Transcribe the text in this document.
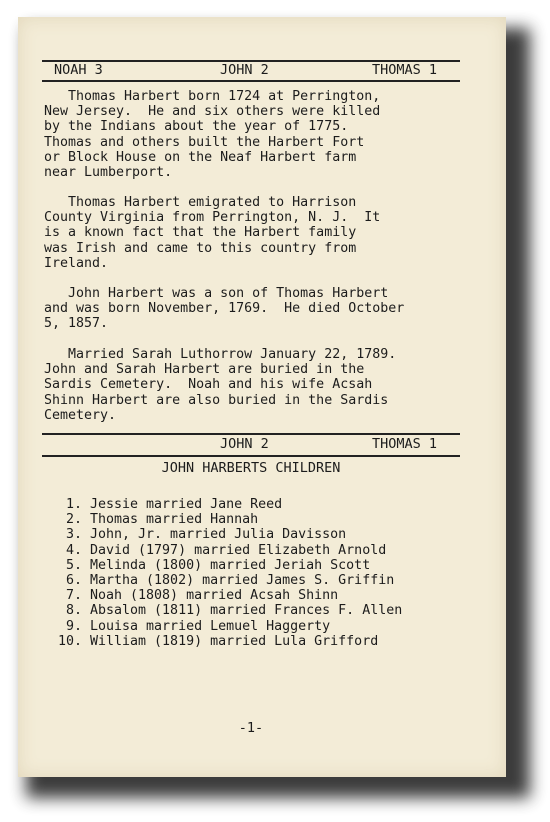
NOAH 3	JOHN 2	THOMAS 1
Thomas Harbert born 1724 at Perrington,
New Jersey.  He and six others were killed
by the Indians about the year of 1775.
Thomas and others built the Harbert Fort
or Block House on the Neaf Harbert farm
near Lumberport.
Thomas Harbert emigrated to Harrison
County Virginia from Perrington, N. J.  It
is a known fact that the Harbert family
was Irish and came to this country from
Ireland.
John Harbert was a son of Thomas Harbert
and was born November, 1769.  He died October
5, 1857.
Married Sarah Luthorrow January 22, 1789.
John and Sarah Harbert are buried in the
Sardis Cemetery.  Noah and his wife Acsah
Shinn Harbert are also buried in the Sardis
Cemetery.
JOHN 2	THOMAS 1
JOHN HARBERTS CHILDREN
1. Jessie married Jane Reed
2. Thomas married Hannah
3. John, Jr. married Julia Davisson
4. David (1797) married Elizabeth Arnold
5. Melinda (1800) married Jeriah Scott
6. Martha (1802) married James S. Griffin
7. Noah (1808) married Acsah Shinn
8. Absalom (1811) married Frances F. Allen
9. Louisa married Lemuel Haggerty
10. William (1819) married Lula Grifford
-1-
